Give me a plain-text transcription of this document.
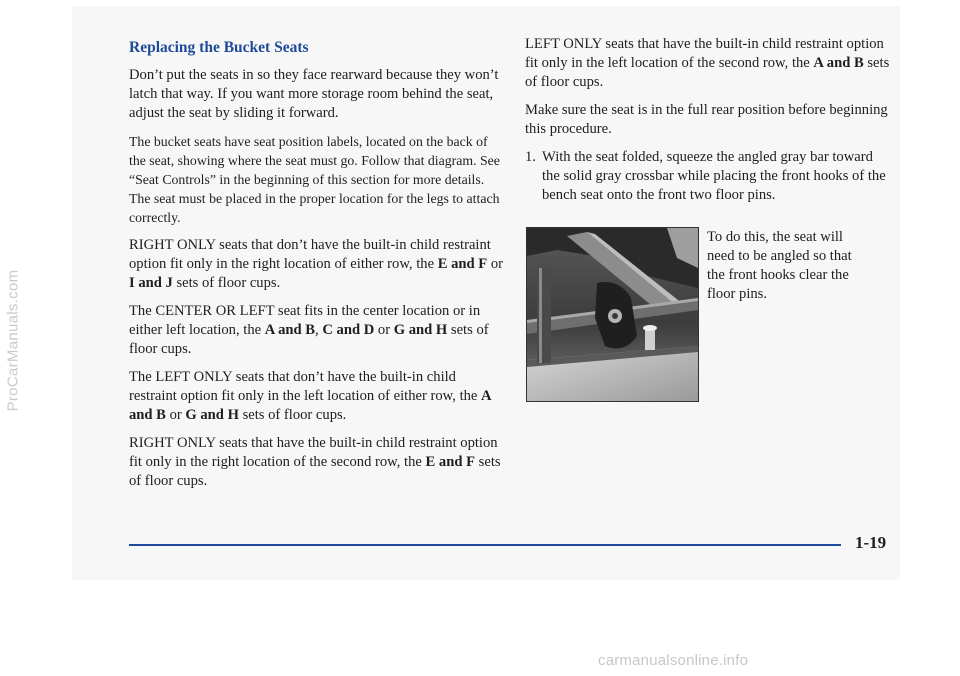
ProCarManuals.com
Replacing the Bucket Seats

Don’t put the seats in so they face rearward because they won’t latch that way. If you want more storage room behind the seat, adjust the seat by sliding it forward.

The bucket seats have seat position labels, located on the back of the seat, showing where the seat must go. Follow that diagram. See “Seat Controls” in the beginning of this section for more details. The seat must be placed in the proper location for the legs to attach correctly.

RIGHT ONLY seats that don’t have the built-in child restraint option fit only in the right location of either row, the E and F or I and J sets of floor cups.

The CENTER OR LEFT seat fits in the center location or in either left location, the A and B, C and D or G and H sets of floor cups.

The LEFT ONLY seats that don’t have the built-in child restraint option fit only in the left location of either row, the A and B or G and H sets of floor cups.

RIGHT ONLY seats that have the built-in child restraint option fit only in the right location of the second row, the E and F sets of floor cups.

LEFT ONLY seats that have the built-in child restraint option fit only in the left location of the second row, the A and B sets of floor cups.

Make sure the seat is in the full rear position before beginning this procedure.

1. With the seat folded, squeeze the angled gray bar toward the solid gray crossbar while placing the front hooks of the bench seat onto the front two floor pins.
To do this, the seat will need to be angled so that the front hooks clear the floor pins.
1-19
carmanualsonline.info
